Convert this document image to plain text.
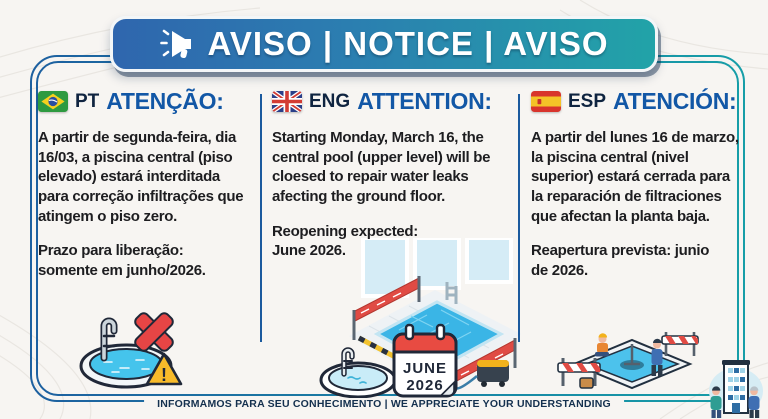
AVISO | NOTICE | AVISO
PT ATENÇÃO:

A partir de segunda-feira, dia 16/03, a piscina central (piso elevado) estará interditada para correção infiltrações que atingem o piso zero.

Prazo para liberação: somente em junho/2026.

ENG ATTENTION:

Starting Monday, March 16, the central pool (upper level) will be cloesed to repair water leaks afecting the ground floor.

Reopening expected: June 2026.

ESP ATENCIÓN:

A partir del lunes 16 de marzo, la piscina central (nivel superior) estará cerrada para la reparación de filtraciones que afectan la planta baja.

Reapertura prevista: junio de 2026.

!	JUNE
2026
INFORMAMOS PARA SEU CONHECIMENTO | WE APPRECIATE YOUR UNDERSTANDING
